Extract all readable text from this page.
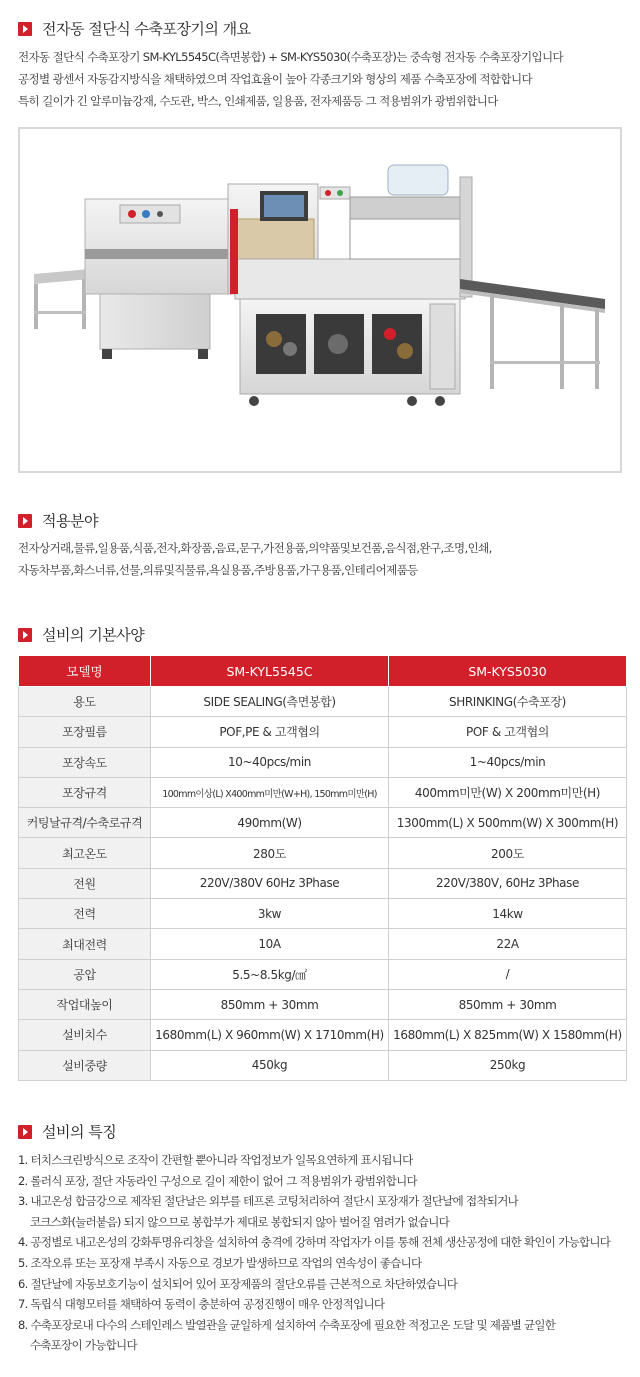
전자동 절단식 수축포장기의 개요
전자동 절단식 수축포장기 SM-KYL5545C(측면봉합) + SM-KYS5030(수축포장)는 중속형 전자동 수축포장기입니다
공정별 광센서 자동감지방식을 채택하였으며 작업효율이 높아 각종크기와 형상의 제품 수축포장에 적합합니다
특히 길이가 긴 알루미늄강재, 수도관, 박스, 인쇄제품, 일용품, 전자제품등 그 적용범위가 광범위합니다
적용분야
전자상거래,물류,일용품,식품,전자,화장품,음료,문구,가전용품,의약품및보건품,음식점,완구,조명,인쇄,
자동차부품,화스너류,선물,의류및직물류,욕실용품,주방용품,가구용품,인테리어제품등
설비의 기본사양
모델명	SM-KYL5545C	SM-KYS5030
용도	SIDE SEALING(측면봉합)	SHRINKING(수축포장)
포장필름	POF,PE & 고객협의	POF & 고객협의
포장속도	10~40pcs/min	1~40pcs/min
포장규격	100mm이상(L) X400mm미만(W+H), 150mm미만(H)	400mm미만(W) X 200mm미만(H)
커팅날규격/수축로규격	490mm(W)	1300mm(L) X 500mm(W) X 300mm(H)
최고온도	280도	200도
전원	220V/380V 60Hz 3Phase	220V/380V, 60Hz 3Phase
전력	3kw	14kw
최대전력	10A	22A
공압	5.5~8.5kg/㎠	/
작업대높이	850mm + 30mm	850mm + 30mm
설비치수	1680mm(L) X 960mm(W) X 1710mm(H)	1680mm(L) X 825mm(W) X 1580mm(H)
설비중량	450kg	250kg
설비의 특징
1. 터치스크린방식으로 조작이 간편할 뿐아니라 작업정보가 일목요연하게 표시됩니다
2. 롤러식 포장, 절단 자동라인 구성으로 길이 제한이 없어 그 적용범위가 광범위합니다
3. 내고온성 합금강으로 제작된 절단날은 외부를 테프론 코팅처리하여 절단시 포장재가 절단날에 접착되거나
코크스화(눌러붙음) 되지 않으므로 봉합부가 제대로 봉합되지 않아 벌어질 염려가 없습니다
4. 공정별로 내고온성의 강화투명유리창을 설치하여 충격에 강하며 작업자가 이를 통해 전체 생산공정에 대한 확인이 가능합니다
5. 조작오류 또는 포장재 부족시 자동으로 경보가 발생하므로 작업의 연속성이 좋습니다
6. 절단날에 자동보호기능이 설치되어 있어 포장제품의 절단오류를 근본적으로 차단하였습니다
7. 독립식 대형모터를 채택하여 동력이 충분하여 공정진행이 매우 안정적입니다
8. 수축포장로내 다수의 스테인레스 발열관을 균일하게 설치하여 수축포장에 필요한 적정고온 도달 및 제품별 균일한
수축포장이 가능합니다
